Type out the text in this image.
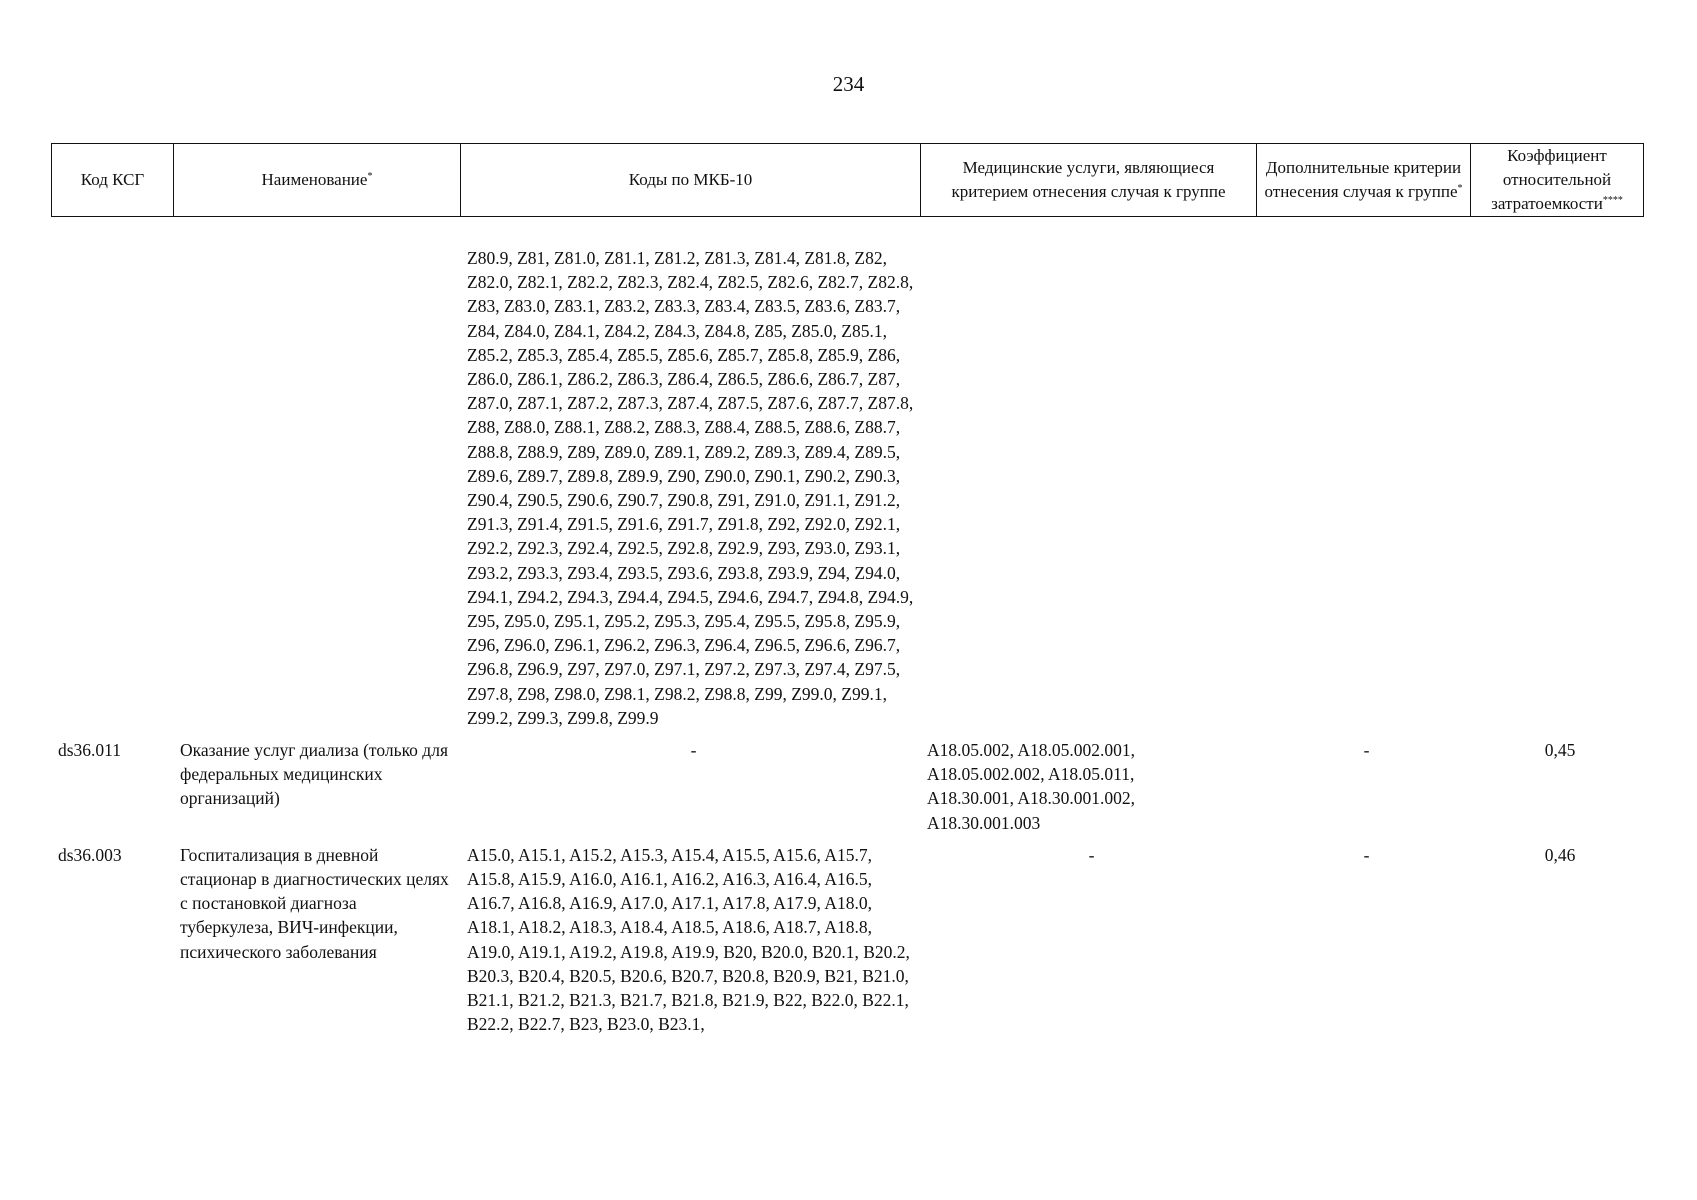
234
Код КСГ	Наименование*	Коды по МКБ-10	Медицинские услуги, являющиеся критерием отнесения случая к группе	Дополнительные критерии отнесения случая к группе*	Коэффициент относительной затратоемкости****
		Z80.9, Z81, Z81.0, Z81.1, Z81.2, Z81.3, Z81.4, Z81.8, Z82, Z82.0, Z82.1, Z82.2, Z82.3, Z82.4, Z82.5, Z82.6, Z82.7, Z82.8, Z83, Z83.0, Z83.1, Z83.2, Z83.3, Z83.4, Z83.5, Z83.6, Z83.7, Z84, Z84.0, Z84.1, Z84.2, Z84.3, Z84.8, Z85, Z85.0, Z85.1, Z85.2, Z85.3, Z85.4, Z85.5, Z85.6, Z85.7, Z85.8, Z85.9, Z86, Z86.0, Z86.1, Z86.2, Z86.3, Z86.4, Z86.5, Z86.6, Z86.7, Z87, Z87.0, Z87.1, Z87.2, Z87.3, Z87.4, Z87.5, Z87.6, Z87.7, Z87.8, Z88, Z88.0, Z88.1, Z88.2, Z88.3, Z88.4, Z88.5, Z88.6, Z88.7, Z88.8, Z88.9, Z89, Z89.0, Z89.1, Z89.2, Z89.3, Z89.4, Z89.5, Z89.6, Z89.7, Z89.8, Z89.9, Z90, Z90.0, Z90.1, Z90.2, Z90.3, Z90.4, Z90.5, Z90.6, Z90.7, Z90.8, Z91, Z91.0, Z91.1, Z91.2, Z91.3, Z91.4, Z91.5, Z91.6, Z91.7, Z91.8, Z92, Z92.0, Z92.1, Z92.2, Z92.3, Z92.4, Z92.5, Z92.8, Z92.9, Z93, Z93.0, Z93.1, Z93.2, Z93.3, Z93.4, Z93.5, Z93.6, Z93.8, Z93.9, Z94, Z94.0, Z94.1, Z94.2, Z94.3, Z94.4, Z94.5, Z94.6, Z94.7, Z94.8, Z94.9, Z95, Z95.0, Z95.1, Z95.2, Z95.3, Z95.4, Z95.5, Z95.8, Z95.9, Z96, Z96.0, Z96.1, Z96.2, Z96.3, Z96.4, Z96.5, Z96.6, Z96.7, Z96.8, Z96.9, Z97, Z97.0, Z97.1, Z97.2, Z97.3, Z97.4, Z97.5, Z97.8, Z98, Z98.0, Z98.1, Z98.2, Z98.8, Z99, Z99.0, Z99.1, Z99.2, Z99.3, Z99.8, Z99.9			
ds36.011	Оказание услуг диализа (только для федеральных медицинских организаций)	-	A18.05.002, A18.05.002.001, A18.05.002.002, A18.05.011, A18.30.001, A18.30.001.002, A18.30.001.003	-	0,45
ds36.003	Госпитализация в дневной стационар в диагностических целях с постановкой диагноза туберкулеза, ВИЧ-инфекции, психического заболевания	A15.0, A15.1, A15.2, A15.3, A15.4, A15.5, A15.6, A15.7, A15.8, A15.9, A16.0, A16.1, A16.2, A16.3, A16.4, A16.5, A16.7, A16.8, A16.9, A17.0, A17.1, A17.8, A17.9, A18.0, A18.1, A18.2, A18.3, A18.4, A18.5, A18.6, A18.7, A18.8, A19.0, A19.1, A19.2, A19.8, A19.9, B20, B20.0, B20.1, B20.2, B20.3, B20.4, B20.5, B20.6, B20.7, B20.8, B20.9, B21, B21.0, B21.1, B21.2, B21.3, B21.7, B21.8, B21.9, B22, B22.0, B22.1, B22.2, B22.7, B23, B23.0, B23.1,	-	-	0,46
